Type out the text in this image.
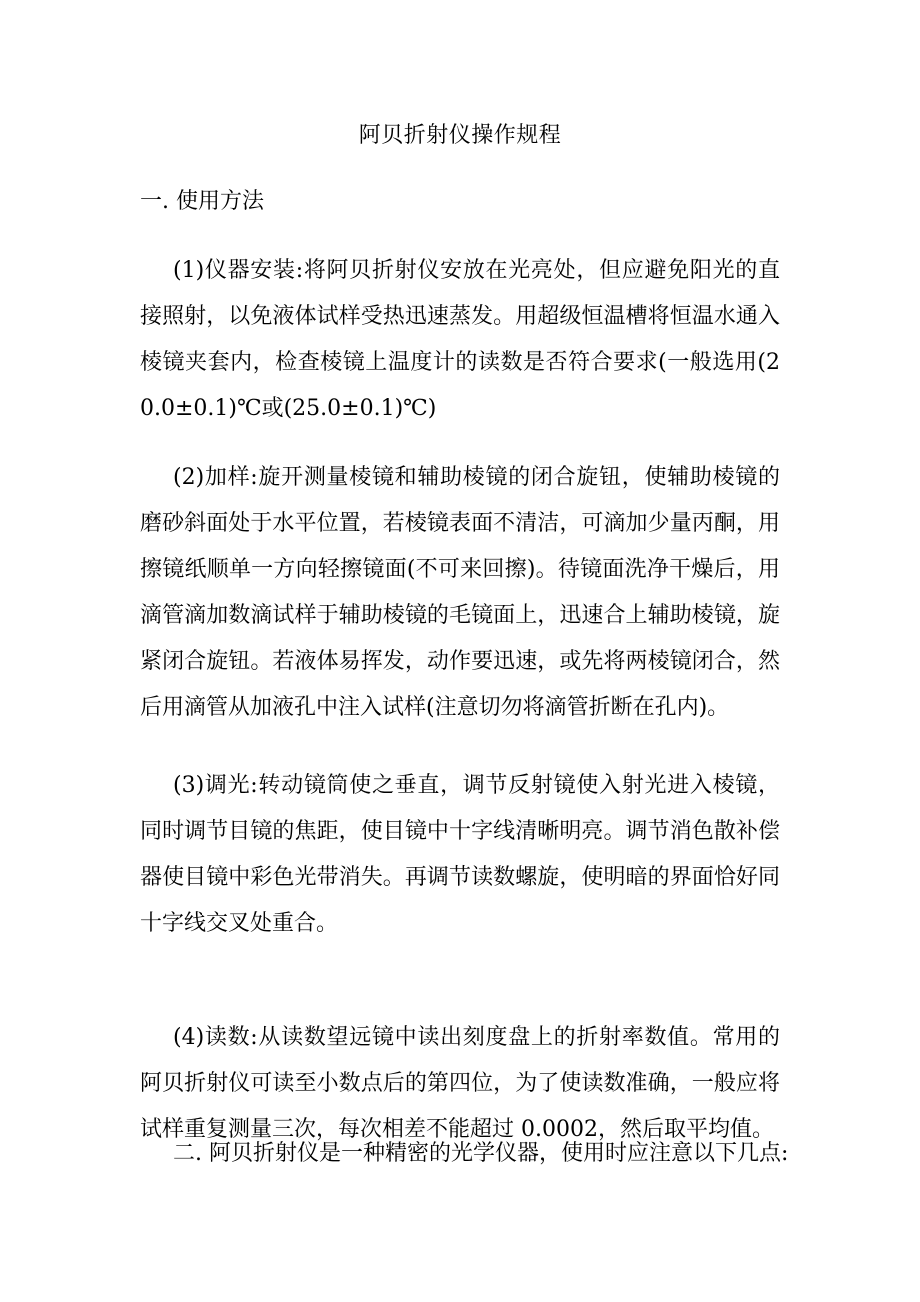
阿贝折射仪操作规程
一. 使用方法
(1)仪器安装:将阿贝折射仪安放在光亮处，但应避免阳光的直接照射，以免液体试样受热迅速蒸发。用超级恒温槽将恒温水通入棱镜夹套内，检查棱镜上温度计的读数是否符合要求(一般选用(20.0±0.1)℃或(25.0±0.1)℃)
(2)加样:旋开测量棱镜和辅助棱镜的闭合旋钮，使辅助棱镜的磨砂斜面处于水平位置，若棱镜表面不清洁，可滴加少量丙酮，用擦镜纸顺单一方向轻擦镜面(不可来回擦)。待镜面洗净干燥后，用滴管滴加数滴试样于辅助棱镜的毛镜面上，迅速合上辅助棱镜，旋紧闭合旋钮。若液体易挥发，动作要迅速，或先将两棱镜闭合，然后用滴管从加液孔中注入试样(注意切勿将滴管折断在孔内)。
(3)调光:转动镜筒使之垂直，调节反射镜使入射光进入棱镜，同时调节目镜的焦距，使目镜中十字线清晰明亮。调节消色散补偿器使目镜中彩色光带消失。再调节读数螺旋，使明暗的界面恰好同十字线交叉处重合。
(4)读数:从读数望远镜中读出刻度盘上的折射率数值。常用的阿贝折射仪可读至小数点后的第四位，为了使读数准确，一般应将试样重复测量三次，每次相差不能超过 0.0002，然后取平均值。
二. 阿贝折射仪是一种精密的光学仪器，使用时应注意以下几点:
